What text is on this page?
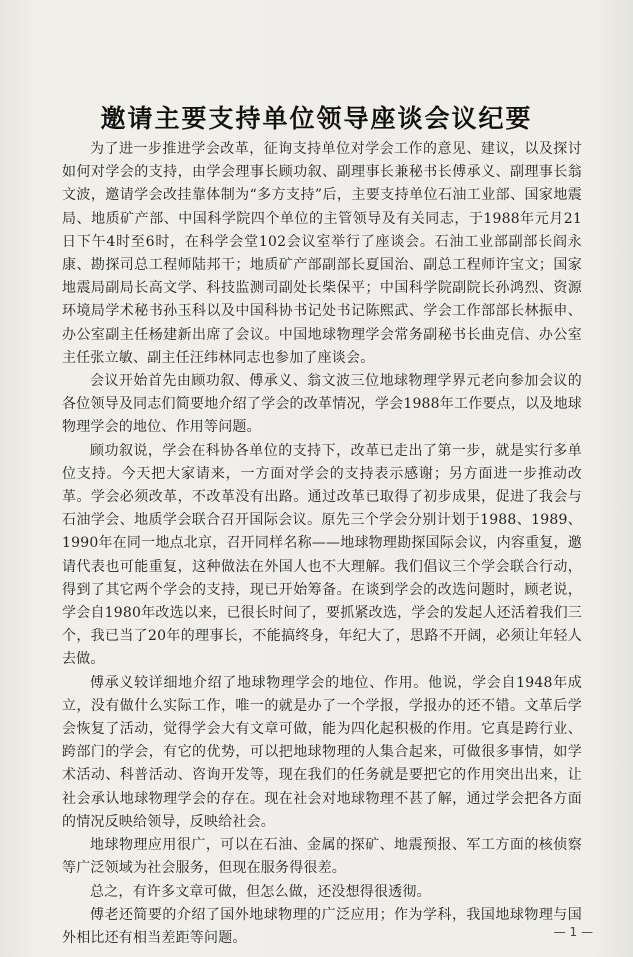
邀请主要支持单位领导座谈会议纪要

为了进一步推进学会改革，征询支持单位对学会工作的意见、建议，以及探讨如何对学会的支持，由学会理事长顾功叙、副理事长兼秘书长傅承义、副理事长翁文波，邀请学会改挂靠体制为“多方支持”后，主要支持单位石油工业部、国家地震局、地质矿产部、中国科学院四个单位的主管领导及有关同志，于1988年元月21日下午4时至6时，在科学会堂102会议室举行了座谈会。石油工业部副部长阎永康、勘探司总工程师陆邦干；地质矿产部副部长夏国治、副总工程师许宝文；国家地震局副局长高文学、科技监测司副处长柴保平；中国科学院副院长孙鸿烈、资源环境局学术秘书孙玉科以及中国科协书记处书记陈熙武、学会工作部部长林振申、办公室副主任杨建新出席了会议。中国地球物理学会常务副秘书长曲克信、办公室主任张立敏、副主任汪纬林同志也参加了座谈会。

会议开始首先由顾功叙、傅承义、翁文波三位地球物理学界元老向参加会议的各位领导及同志们简要地介绍了学会的改革情况，学会1988年工作要点，以及地球物理学会的地位、作用等问题。

顾功叙说，学会在科协各单位的支持下，改革已走出了第一步，就是实行多单位支持。今天把大家请来，一方面对学会的支持表示感谢；另方面进一步推动改革。学会必须改革，不改革没有出路。通过改革已取得了初步成果，促进了我会与石油学会、地质学会联合召开国际会议。原先三个学会分别计划于1988、1989、1990年在同一地点北京，召开同样名称——地球物理勘探国际会议，内容重复，邀请代表也可能重复，这种做法在外国人也不大理解。我们倡议三个学会联合行动，得到了其它两个学会的支持，现已开始筹备。在谈到学会的改选问题时，顾老说，学会自1980年改选以来，已很长时间了，要抓紧改选，学会的发起人还活着我们三个，我已当了20年的理事长，不能搞终身，年纪大了，思路不开阔，必须让年轻人去做。

傅承义较详细地介绍了地球物理学会的地位、作用。他说，学会自1948年成立，没有做什么实际工作，唯一的就是办了一个学报，学报办的还不错。文革后学会恢复了活动，觉得学会大有文章可做，能为四化起积极的作用。它真是跨行业、跨部门的学会，有它的优势，可以把地球物理的人集合起来，可做很多事情，如学术活动、科普活动、咨询开发等，现在我们的任务就是要把它的作用突出出来，让社会承认地球物理学会的存在。现在社会对地球物理不甚了解，通过学会把各方面的情况反映给领导，反映给社会。

地球物理应用很广，可以在石油、金属的探矿、地震预报、军工方面的核侦察等广泛领域为社会服务，但现在服务得很差。

总之，有许多文章可做，但怎么做，还没想得很透彻。

傅老还简要的介绍了国外地球物理的广泛应用；作为学科，我国地球物理与国外相比还有相当差距等问题。	— 1 —
